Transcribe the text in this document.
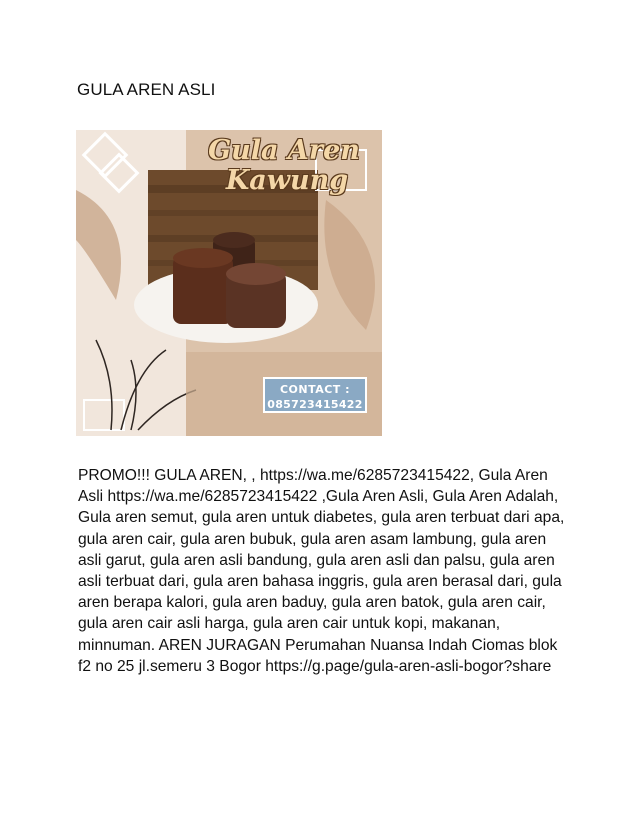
GULA AREN ASLI
Gula Aren
Kawung
CONTACT :
085723415422
PROMO!!! GULA AREN, , https://wa.me/6285723415422, Gula Aren Asli https://wa.me/6285723415422 ,Gula Aren Asli, Gula Aren Adalah, Gula aren semut, gula aren untuk diabetes, gula aren terbuat dari apa, gula aren cair, gula aren bubuk, gula aren asam lambung, gula aren asli garut, gula aren asli bandung, gula aren asli dan palsu, gula aren asli terbuat dari, gula aren bahasa inggris, gula aren berasal dari, gula aren berapa kalori, gula aren baduy, gula aren batok, gula aren cair, gula aren cair asli harga, gula aren cair untuk kopi, makanan, minnuman. AREN JURAGAN Perumahan Nuansa Indah Ciomas blok f2 no 25 jl.semeru 3 Bogor https://g.page/gula-aren-asli-bogor?share
